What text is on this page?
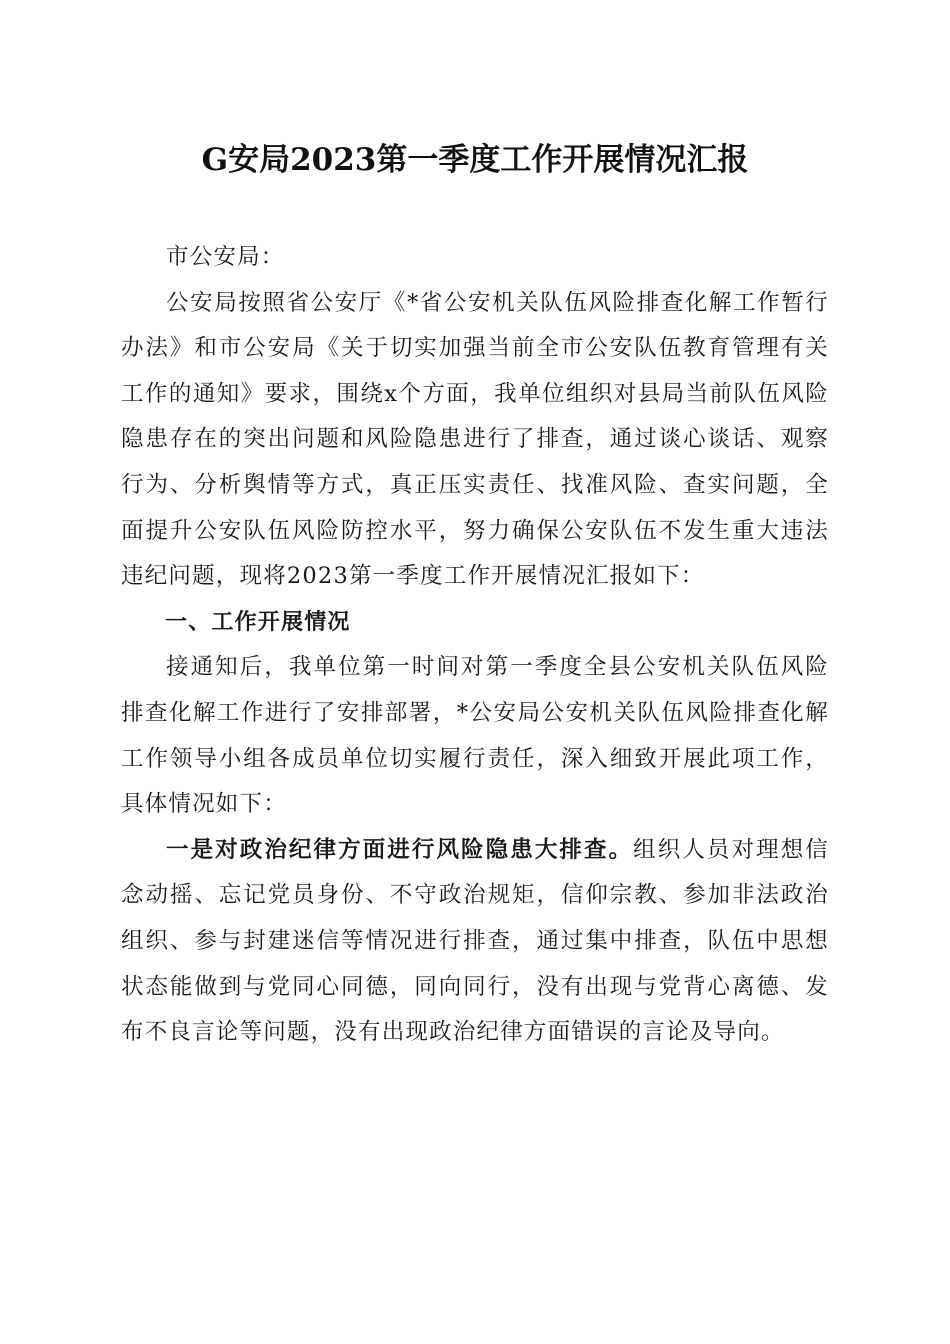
G安局2023第一季度工作开展情况汇报

市公安局：

公安局按照省公安厅《*省公安机关队伍风险排查化解工作暂行办法》和市公安局《关于切实加强当前全市公安队伍教育管理有关工作的通知》要求，围绕x个方面，我单位组织对县局当前队伍风险隐患存在的突出问题和风险隐患进行了排查，通过谈心谈话、观察行为、分析舆情等方式，真正压实责任、找准风险、查实问题，全面提升公安队伍风险防控水平，努力确保公安队伍不发生重大违法违纪问题，现将2023第一季度工作开展情况汇报如下：

一、工作开展情况

接通知后，我单位第一时间对第一季度全县公安机关队伍风险排查化解工作进行了安排部署，*公安局公安机关队伍风险排查化解工作领导小组各成员单位切实履行责任，深入细致开展此项工作，具体情况如下：

一是对政治纪律方面进行风险隐患大排查。组织人员对理想信念动摇、忘记党员身份、不守政治规矩，信仰宗教、参加非法政治组织、参与封建迷信等情况进行排查，通过集中排查，队伍中思想状态能做到与党同心同德，同向同行，没有出现与党背心离德、发布不良言论等问题，没有出现政治纪律方面错误的言论及导向。
